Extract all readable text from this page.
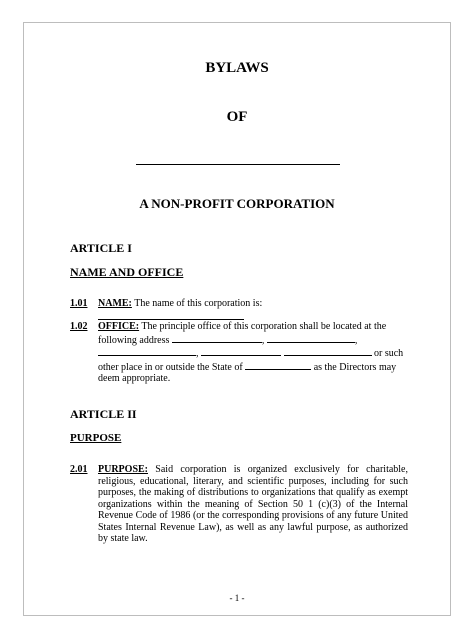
BYLAWS
OF
A NON-PROFIT CORPORATION
ARTICLE I
NAME AND OFFICE
1.01 NAME: The name of this corporation is:
1.02 OFFICE: The principle office of this corporation shall be located at the following address	,	,
,	or such other place in or outside the State of	as the Directors may deem appropriate.
ARTICLE II
PURPOSE
2.01 PURPOSE: Said corporation is organized exclusively for charitable, religious, educational, literary, and scientific purposes, including for such purposes, the making of distributions to organizations that qualify as exempt organizations within the meaning of Section 50 1 (c)(3) of the Internal Revenue Code of 1986 (or the corresponding provisions of any future United States Internal Revenue Law), as well as any lawful purpose, as authorized by state law.
- 1 -
